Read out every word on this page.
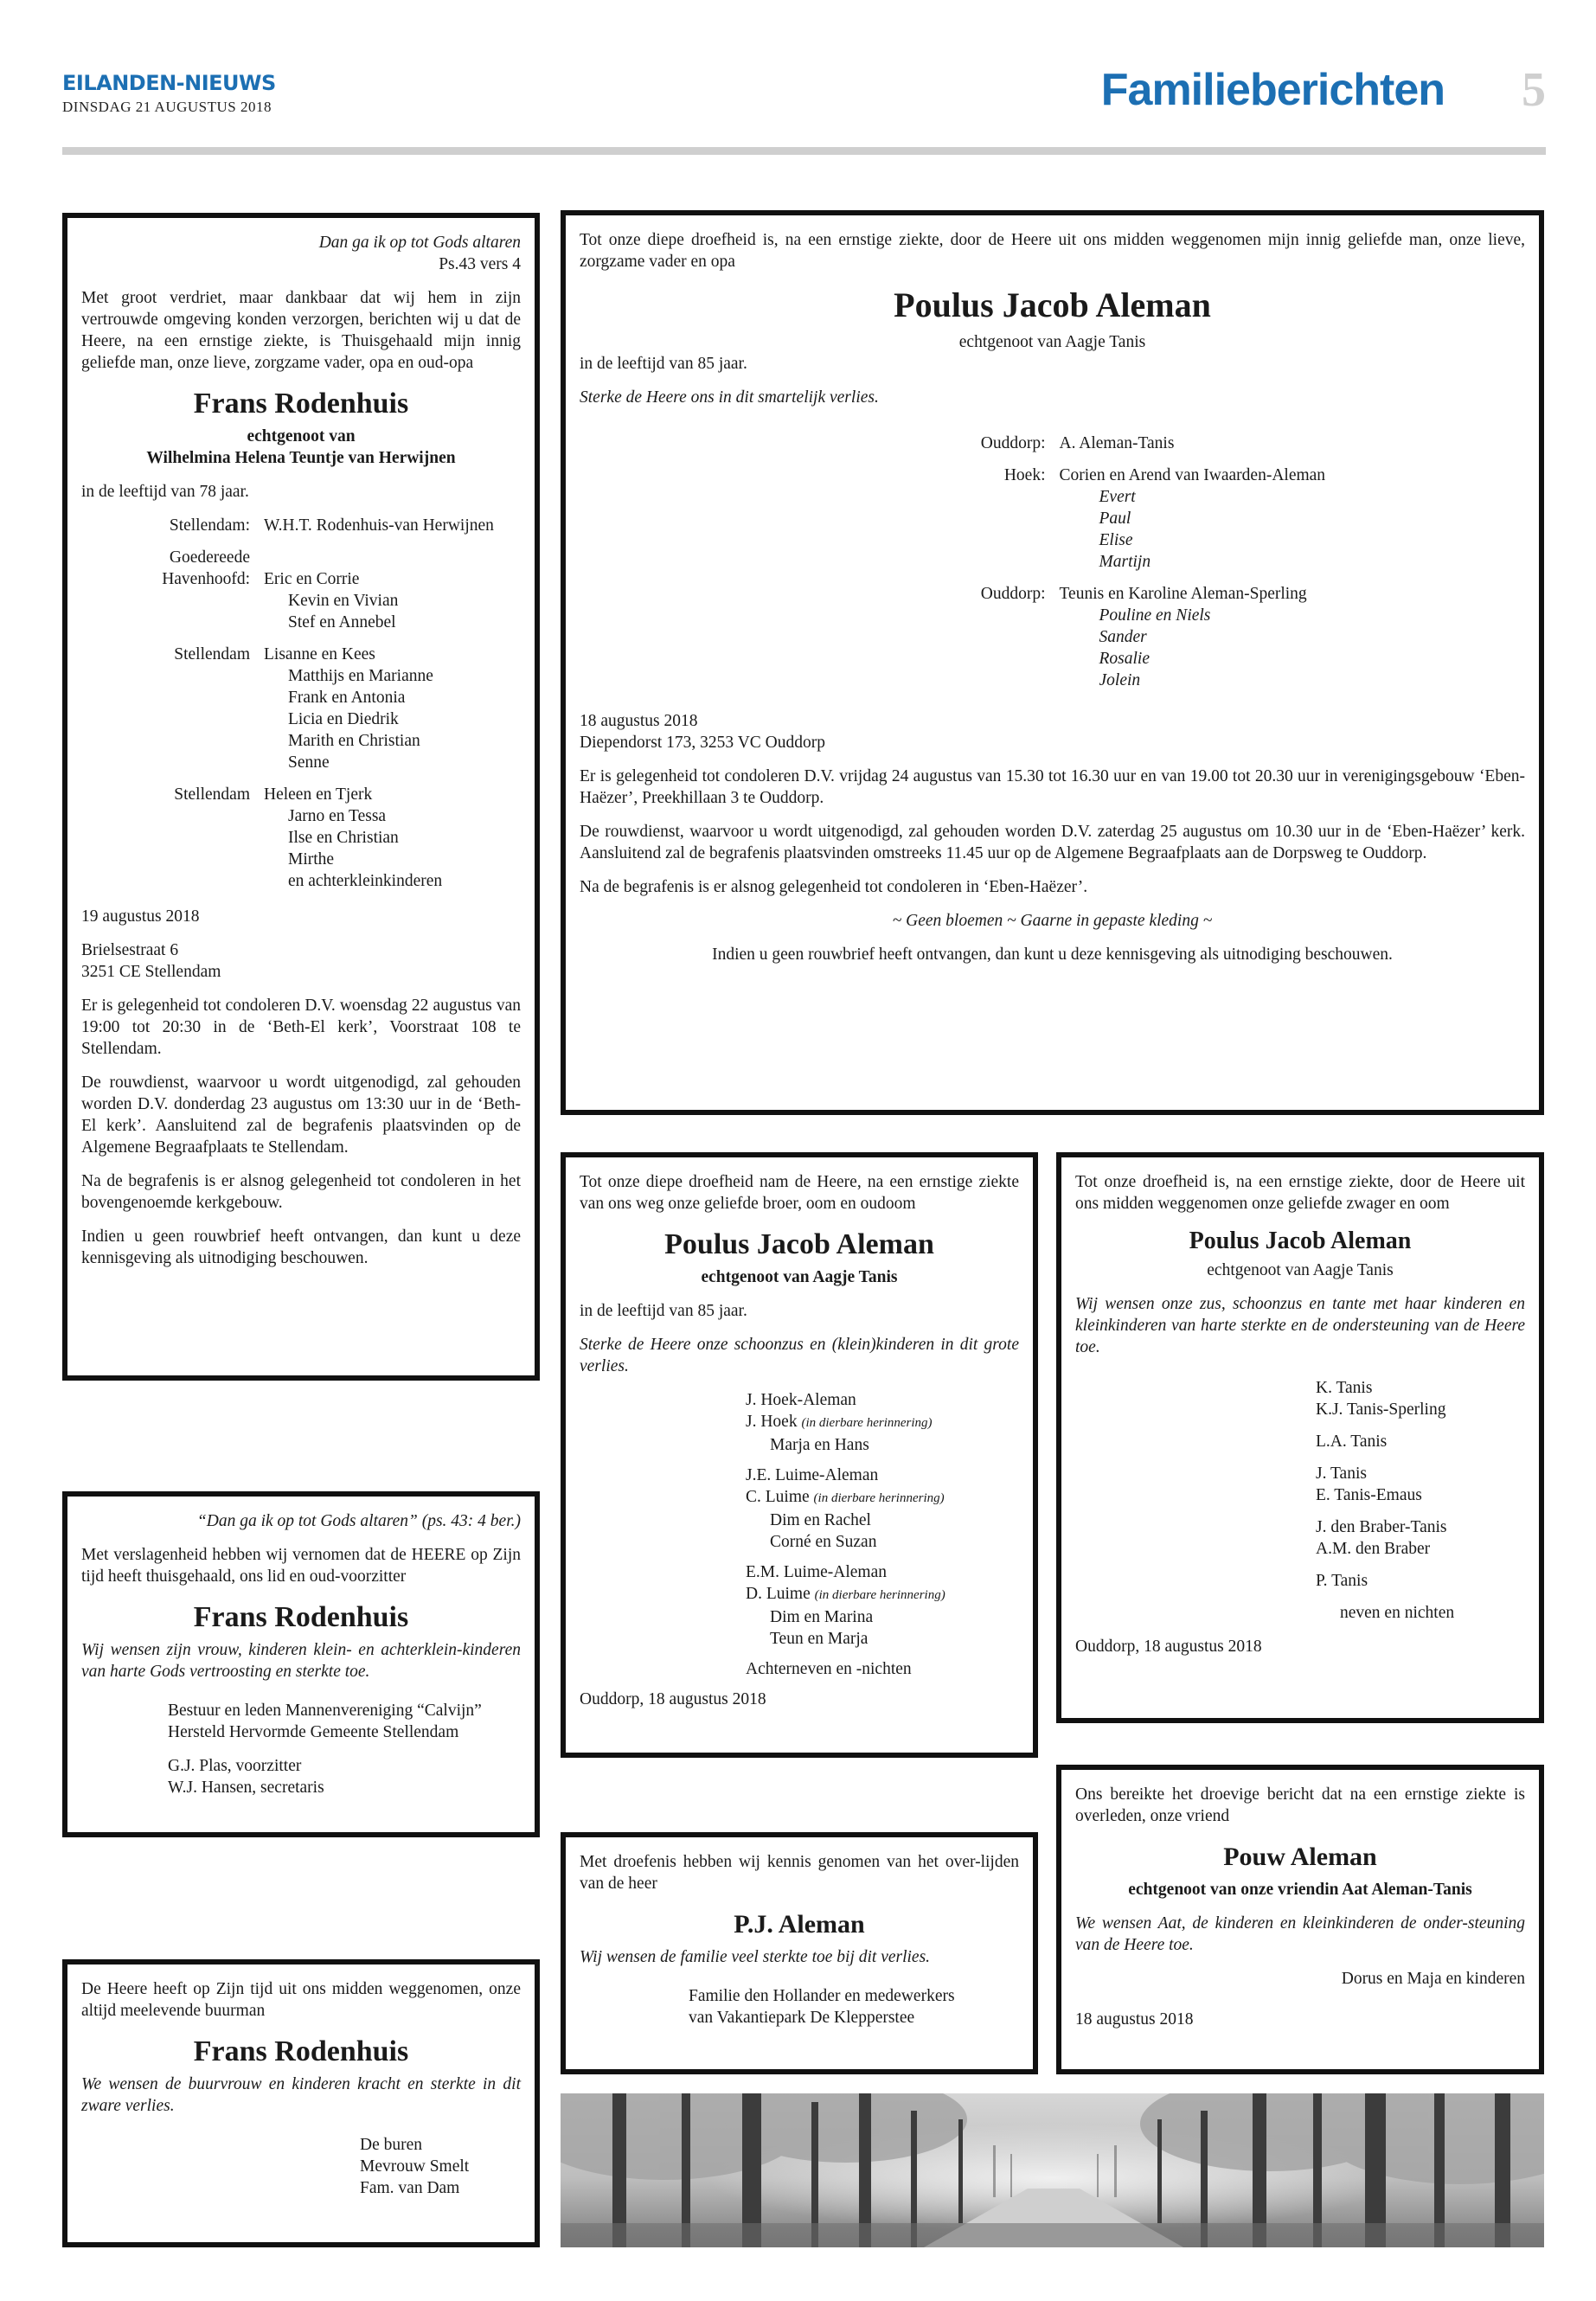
EILANDEN-NIEUWS
DINSDAG 21 AUGUSTUS 2018	Familieberichten 5

Dan ga ik op tot Gods altaren

Ps.43 vers 4

Met groot verdriet, maar dankbaar dat wij hem in zijn vertrouwde omgeving konden verzorgen, berichten wij u dat de Heere, na een ernstige ziekte, is Thuisgehaald mijn innig geliefde man, onze lieve, zorgzame vader, opa en oud-opa

Frans Rodenhuis

echtgenoot van

Wilhelmina Helena Teuntje van Herwijnen

in de leeftijd van 78 jaar.

Stellendam: W.H.T. Rodenhuis-van Herwijnen
Goedereede
Havenhoofd: Eric en Corrie
Kevin en Vivian
Stef en Annebel
Stellendam Lisanne en Kees
Matthijs en Marianne
Frank en Antonia
Licia en Diedrik
Marith en Christian
Senne
Stellendam Heleen en Tjerk
Jarno en Tessa
Ilse en Christian
Mirthe
en achterkleinkinderen

19 augustus 2018

Brielsestraat 6

3251 CE Stellendam

Er is gelegenheid tot condoleren D.V. woensdag 22 augustus van 19:00 tot 20:30 in de ‘Beth-El kerk’, Voorstraat 108 te Stellendam.

De rouwdienst, waarvoor u wordt uitgenodigd, zal gehouden worden D.V. donderdag 23 augustus om 13:30 uur in de ‘Beth-El kerk’. Aansluitend zal de begrafenis plaatsvinden op de Algemene Begraafplaats te Stellendam.

Na de begrafenis is er alsnog gelegenheid tot condoleren in het bovengenoemde kerkgebouw.

Indien u geen rouwbrief heeft ontvangen, dan kunt u deze kennisgeving als uitnodiging beschouwen.

Tot onze diepe droefheid is, na een ernstige ziekte, door de Heere uit ons midden weggenomen mijn innig geliefde man, onze lieve, zorgzame vader en opa

Poulus Jacob Aleman

echtgenoot van Aagje Tanis

in de leeftijd van 85 jaar.

Sterke de Heere ons in dit smartelijk verlies.

Ouddorp: A. Aleman-Tanis
Hoek: Corien en Arend van Iwaarden-Aleman
Evert
Paul
Elise
Martijn
Ouddorp: Teunis en Karoline Aleman-Sperling
Pouline en Niels
Sander
Rosalie
Jolein

18 augustus 2018

Diependorst 173, 3253 VC Ouddorp

Er is gelegenheid tot condoleren D.V. vrijdag 24 augustus van 15.30 tot 16.30 uur en van 19.00 tot 20.30 uur in verenigingsgebouw ‘Eben-Haëzer’, Preekhillaan 3 te Ouddorp.

De rouwdienst, waarvoor u wordt uitgenodigd, zal gehouden worden D.V. zaterdag 25 augustus om 10.30 uur in de ‘Eben-Haëzer’ kerk. Aansluitend zal de begrafenis plaatsvinden omstreeks 11.45 uur op de Algemene Begraafplaats aan de Dorpsweg te Ouddorp.

Na de begrafenis is er alsnog gelegenheid tot condoleren in ‘Eben-Haëzer’.

~ Geen bloemen ~ Gaarne in gepaste kleding ~

Indien u geen rouwbrief heeft ontvangen, dan kunt u deze kennisgeving als uitnodiging beschouwen.

Tot onze diepe droefheid nam de Heere, na een ernstige ziekte van ons weg onze geliefde broer, oom en oudoom

Poulus Jacob Aleman

echtgenoot van Aagje Tanis

in de leeftijd van 85 jaar.

Sterke de Heere onze schoonzus en (klein)kinderen in dit grote verlies.

J. Hoek-Aleman
J. Hoek (in dierbare herinnering)
Marja en Hans

J.E. Luime-Aleman
C. Luime (in dierbare herinnering)
Dim en Rachel
Corné en Suzan

E.M. Luime-Aleman
D. Luime (in dierbare herinnering)
Dim en Marina
Teun en Marja

Achterneven en -nichten

Ouddorp, 18 augustus 2018

Tot onze droefheid is, na een ernstige ziekte, door de Heere uit ons midden weggenomen onze geliefde zwager en oom

Poulus Jacob Aleman

echtgenoot van Aagje Tanis

Wij wensen onze zus, schoonzus en tante met haar kinderen en kleinkinderen van harte sterkte en de ondersteuning van de Heere toe.

K. Tanis
K.J. Tanis-Sperling

L.A. Tanis

J. Tanis
E. Tanis-Emaus

J. den Braber-Tanis
A.M. den Braber

P. Tanis

neven en nichten

Ouddorp, 18 augustus 2018

“Dan ga ik op tot Gods altaren” (ps. 43: 4 ber.)

Met verslagenheid hebben wij vernomen dat de HEERE op Zijn tijd heeft thuisgehaald, ons lid en oud-voorzitter

Frans Rodenhuis

Wij wensen zijn vrouw, kinderen klein- en achterklein-kinderen van harte Gods vertroosting en sterkte toe.

Bestuur en leden Mannenvereniging “Calvijn”

Hersteld Hervormde Gemeente Stellendam

G.J. Plas, voorzitter

W.J. Hansen, secretaris

De Heere heeft op Zijn tijd uit ons midden weggenomen, onze altijd meelevende buurman

Frans Rodenhuis

We wensen de buurvrouw en kinderen kracht en sterkte in dit zware verlies.

De buren

Mevrouw Smelt

Fam. van Dam

Met droefenis hebben wij kennis genomen van het over-lijden van de heer

P.J. Aleman

Wij wensen de familie veel sterkte toe bij dit verlies.

Familie den Hollander en medewerkers

van Vakantiepark De Klepperstee

Ons bereikte het droevige bericht dat na een ernstige ziekte is overleden, onze vriend

Pouw Aleman

echtgenoot van onze vriendin Aat Aleman-Tanis

We wensen Aat, de kinderen en kleinkinderen de onder-steuning van de Heere toe.

Dorus en Maja en kinderen

18 augustus 2018
